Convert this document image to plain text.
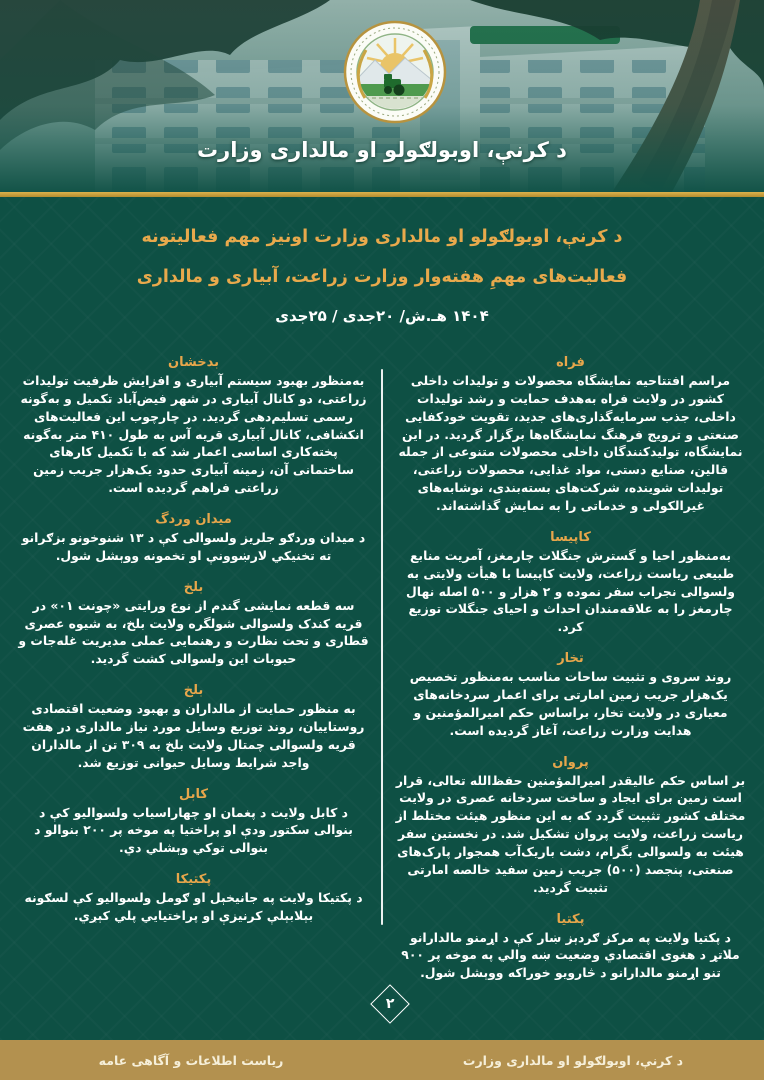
د کرنې، اوبولګولو او مالداری وزارت
د کرنې، اوبولګولو او مالداری وزارت اونیز مهم فعالیتونه
فعالیت‌های مهمِ هفته‌وار وزارت زراعت، آبیاری و مالداری
۱۴۰۴ هـ.ش/ ۲۰جدی / ۲۵جدی
فراه

مراسم افتتاحیه نمایشگاه محصولات و تولیدات داخلی کشور در ولایت فراه به‌هدف حمایت و رشد تولیدات داخلی، جذب سرمایه‌گذاری‌های جدید، تقویت خودکفایی صنعتی و ترویج فرهنگ نمایشگاه‌ها برگزار گردید. در این نمایشگاه، تولیدکنندگان داخلی محصولات متنوعی از جمله قالین، صنایع دستی، مواد غذایی، محصولات زراعتی، تولیدات شوینده، شرکت‌های بسته‌بندی، نوشابه‌های غیرالکولی و خدماتی را به نمایش گذاشته‌اند.

کاپیسا

به‌منظور احیا و گسترش جنگلات چارمغز، آمریت منابع طبیعی ریاست زراعت، ولایت کاپیسا با هیأت ولایتی به ولسوالی نجراب سفر نموده و ۲ هزار و ۵۰۰ اصله نهال چارمغز را به علاقه‌مندان احداث و احیای جنگلات توزیع کرد.

تخار

روند سروی و تثبیت ساحات مناسب به‌منظور تخصیص یک‌هزار جریب زمین امارتی برای اعمار سردخانه‌های معیاری در ولایت تخار، براساس حکم امیرالمؤمنین و هدایت وزارت زراعت، آغاز گردیده است.

پروان

بر اساس حکم عالیقدر امیرالمؤمنین حفظ‌الله تعالی، قرار است زمین برای ایجاد و ساخت سردخانه عصری در ولایت مختلف کشور تثبیت گردد که به این منظور هیئت مختلط از ریاست زراعت، ولایت پروان تشکیل شد. در نخستین سفر هیئت به ولسوالی بگرام، دشت باریک‌آب همجوار پارک‌های صنعتی، پنجصد (۵۰۰) جریب زمین سفید خالصه امارتی تثبیت گردید.

پکتیا

د پکتیا ولایت په مرکز ګردېز ښار کې د اړمنو مالدارانو ملاتړ د هغوی اقتصادي وضعیت ښه والي په موخه پر ۹۰۰ تنو اړمنو مالدارانو د څارویو خوراکه ووېشل شول.

بدخشان

به‌منظور بهبود سیستم آبیاری و افزایش ظرفیت تولیدات زراعتی، دو کانال آبیاری در شهر فیض‌آباد تکمیل و به‌گونه رسمی تسلیم‌دهی گردید. در چارچوب این فعالیت‌های انکشافی، کانال آبیاری قریه آس به طول ۴۱۰ متر به‌گونه پخته‌کاری اساسی اعمار شد که با تکمیل کارهای ساختمانی آن، زمینه آبیاری حدود یک‌هزار جریب زمین زراعتی فراهم گردیده است.

میدان وردگ

د میدان وردګو جلریز ولسوالی کې د ۱۳ شنوخونو بزګرانو ته تخنیکي لارښوونې او تخمونه ووېشل شول.

بلخ

سه قطعه نمایشی گندم از نوع ورایتی «چونت ۰۱» در قریه کندک ولسوالی شولگره ولایت بلخ، به شیوه عصری قطاری و تحت نظارت و رهنمایی عملی مدیریت غله‌جات و حبوبات این ولسوالی کشت گردید.

بلخ

به منظور حمایت از مالداران و بهبود وضعیت اقتصادی روستاییان، روند توزیع وسایل مورد نیاز مالداری در هفت قریه ولسوالی چمتال ولایت بلخ به ۳۰۹ تن از مالداران واجد شرایط وسایل حیوانی توزیع شد.

کابل

د کابل ولایت د پغمان او چهاراسیاب ولسوالیو کې د بنوالی سکتور ودې او پراختیا په موخه پر ۲۰۰ بنوالو د بنوالی توکي وېشلي دي.

پکتیکا

د پکتیکا ولایت په جانیخېل او ګومل ولسوالیو کې لسګونه بېلابېلې کرنیزې او پراختیایي پلي کېږي.

۲
د کرنې، اوبولګولو او مالداری وزارت
ریاست اطلاعات و آگاهی عامه
